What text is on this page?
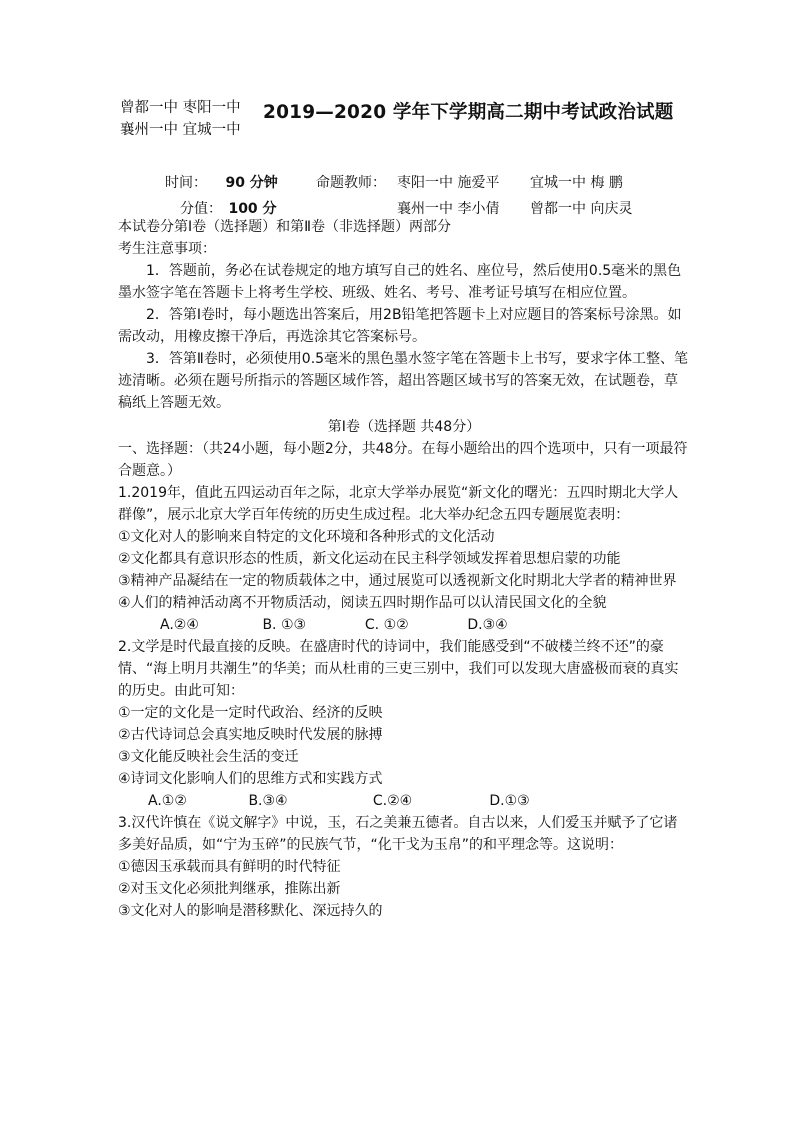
曾都一中 枣阳一中
襄州一中 宜城一中
2019—2020 学年下学期高二期中考试政治试题
时间： 90 分钟	命题教师： 枣阳一中 施爱平 宜城一中 梅 鹏
分值： 100 分	襄州一中 李小倩 曾都一中 向庆灵

本试卷分第Ⅰ卷（选择题）和第Ⅱ卷（非选择题）两部分

考生注意事项：

1．答题前，务必在试卷规定的地方填写自己的姓名、座位号，然后使用0.5毫米的黑色墨水签字笔在答题卡上将考生学校、班级、姓名、考号、准考证号填写在相应位置。

2．答第Ⅰ卷时，每小题选出答案后，用2B铅笔把答题卡上对应题目的答案标号涂黑。如需改动，用橡皮擦干净后，再选涂其它答案标号。

3．答第Ⅱ卷时，必须使用0.5毫米的黑色墨水签字笔在答题卡上书写，要求字体工整、笔迹清晰。必须在题号所指示的答题区域作答，超出答题区域书写的答案无效，在试题卷，草稿纸上答题无效。

第Ⅰ卷（选择题 共48分）

一、选择题：（共24小题，每小题2分，共48分。在每小题给出的四个选项中，只有一项最符合题意。）

1.2019年，值此五四运动百年之际，北京大学举办展览“新文化的曙光：五四时期北大学人群像”，展示北京大学百年传统的历史生成过程。北大举办纪念五四专题展览表明：

①文化对人的影响来自特定的文化环境和各种形式的文化活动

②文化都具有意识形态的性质，新文化运动在民主科学领域发挥着思想启蒙的功能

③精神产品凝结在一定的物质载体之中，通过展览可以透视新文化时期北大学者的精神世界

④人们的精神活动离不开物质活动，阅读五四时期作品可以认清民国文化的全貌

A.②④	B. ①③	C. ①②	D.③④

2.文学是时代最直接的反映。在盛唐时代的诗词中，我们能感受到“不破楼兰终不还”的豪情、“海上明月共潮生”的华美；而从杜甫的三吏三别中，我们可以发现大唐盛极而衰的真实的历史。由此可知：

①一定的文化是一定时代政治、经济的反映

②古代诗词总会真实地反映时代发展的脉搏

③文化能反映社会生活的变迁

④诗词文化影响人们的思维方式和实践方式

A.①②	B.③④	C.②④	D.①③

3.汉代许慎在《说文解字》中说，玉，石之美兼五德者。自古以来，人们爱玉并赋予了它诸多美好品质，如“宁为玉碎”的民族气节，“化干戈为玉帛”的和平理念等。这说明：

①德因玉承载而具有鲜明的时代特征

②对玉文化必须批判继承，推陈出新

③文化对人的影响是潜移默化、深远持久的
